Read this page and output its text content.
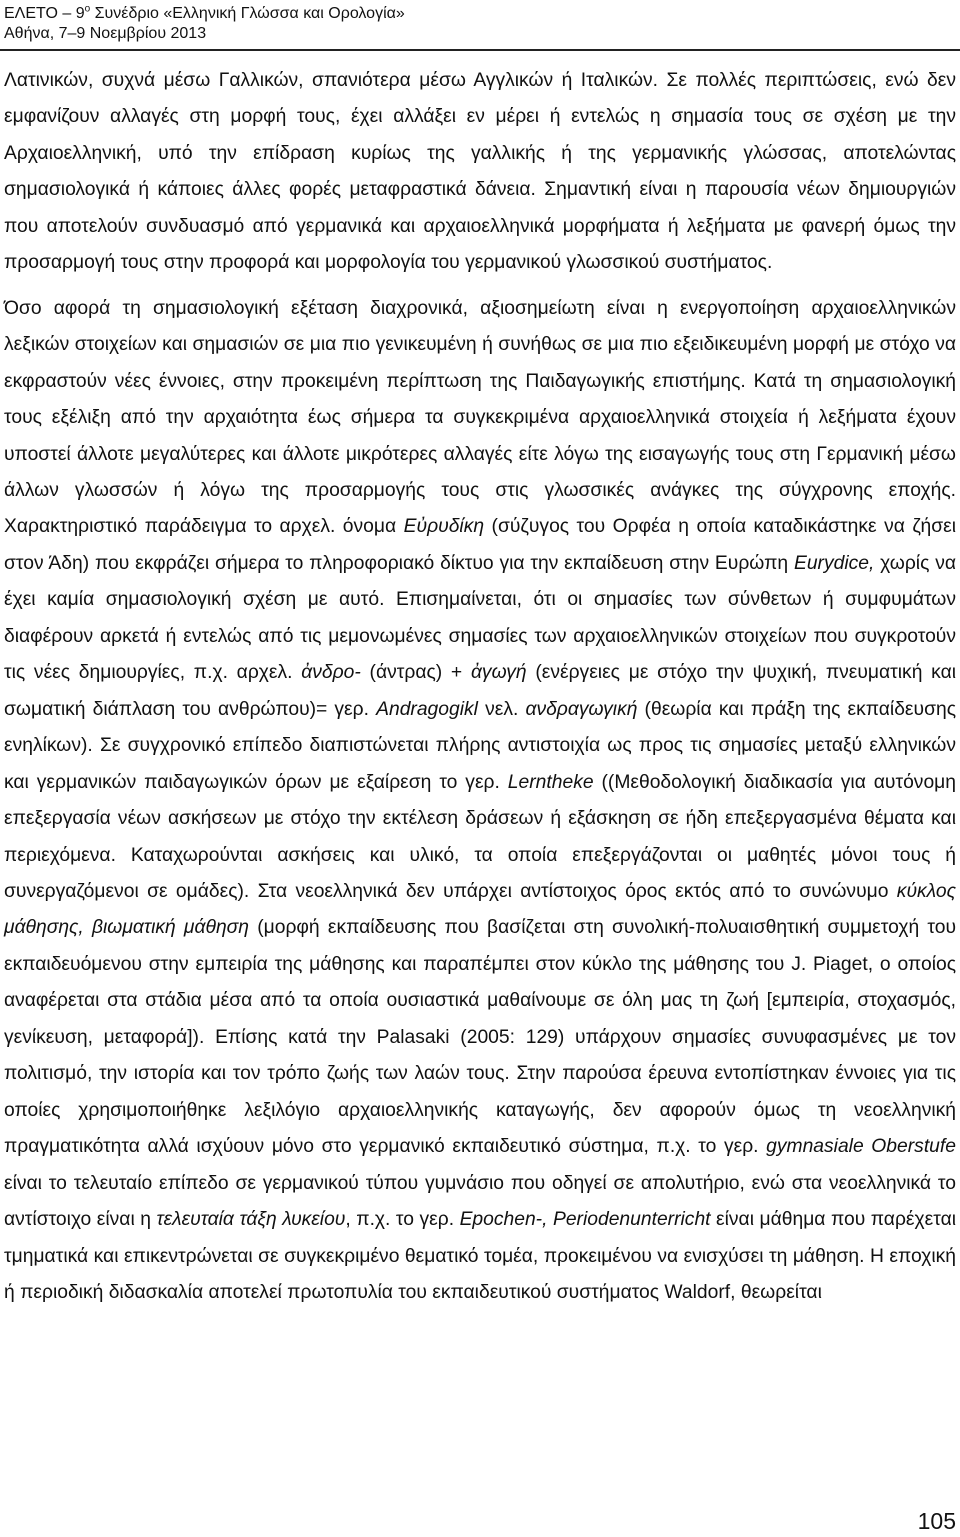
ΕΛΕΤΟ – $9^o$ Συνέδριο «Ελληνική Γλώσσα και Ορολογία»
Αθήνα, 7–9 Νοεμβρίου 2013

Λατινικών, συχνά μέσω Γαλλικών, σπανιότερα μέσω Αγγλικών ή Ιταλικών. Σε πολλές περιπτώσεις, ενώ δεν εμφανίζουν αλλαγές στη μορφή τους, έχει αλλάξει εν μέρει ή εντελώς η σημασία τους σε σχέση με την Αρχαιοελληνική, υπό την επίδραση κυρίως της γαλλικής ή της γερμανικής γλώσσας, αποτελώντας σημασιολογικά ή κάποιες άλλες φορές μεταφραστικά δάνεια. Σημαντική είναι η παρουσία νέων δημιουργιών που αποτελούν συνδυασμό από γερμανικά και αρχαιοελληνικά μορφήματα ή λεξήματα με φανερή όμως την προσαρμογή τους στην προφορά και μορφολογία του γερμανικού γλωσσικού συστήματος.

Όσο αφορά τη σημασιολογική εξέταση διαχρονικά, αξιοσημείωτη είναι η ενεργοποίηση αρχαιοελληνικών λεξικών στοιχείων και σημασιών σε μια πιο γενικευμένη ή συνήθως σε μια πιο εξειδικευμένη μορφή με στόχο να εκφραστούν νέες έννοιες, στην προκειμένη περίπτωση της Παιδαγωγικής επιστήμης. Κατά τη σημασιολογική τους εξέλιξη από την αρχαιότητα έως σήμερα τα συγκεκριμένα αρχαιοελληνικά στοιχεία ή λεξήματα έχουν υποστεί άλλοτε μεγαλύτερες και άλλοτε μικρότερες αλλαγές είτε λόγω της εισαγωγής τους στη Γερμανική μέσω άλλων γλωσσών ή λόγω της προσαρμογής τους στις γλωσσικές ανάγκες της σύγχρονης εποχής. Χαρακτηριστικό παράδειγμα το αρχελ. όνομα Εὐρυδίκη (σύζυγος του Ορφέα η οποία καταδικάστηκε να ζήσει στον Άδη) που εκφράζει σήμερα το πληροφοριακό δίκτυο για την εκπαίδευση στην Ευρώπη Eurydice, χωρίς να έχει καμία σημασιολογική σχέση με αυτό. Επισημαίνεται, ότι οι σημασίες των σύνθετων ή συμφυμάτων διαφέρουν αρκετά ή εντελώς από τις μεμονωμένες σημασίες των αρχαιοελληνικών στοιχείων που συγκροτούν τις νέες δημιουργίες, π.χ. αρχελ. ἀνδρο- (άντρας) + ἀγωγή (ενέργειες με στόχο την ψυχική, πνευματική και σωματική διάπλαση του ανθρώπου)= γερ. Andragogikl νελ. ανδραγωγική (θεωρία και πράξη της εκπαίδευσης ενηλίκων). Σε συγχρονικό επίπεδο διαπιστώνεται πλήρης αντιστοιχία ως προς τις σημασίες μεταξύ ελληνικών και γερμανικών παιδαγωγικών όρων με εξαίρεση το γερ. Lerntheke ((Μεθοδολογική διαδικασία για αυτόνομη επεξεργασία νέων ασκήσεων με στόχο την εκτέλεση δράσεων ή εξάσκηση σε ήδη επεξεργασμένα θέματα και περιεχόμενα. Καταχωρούνται ασκήσεις και υλικό, τα οποία επεξεργάζονται οι μαθητές μόνοι τους ή συνεργαζόμενοι σε ομάδες). Στα νεοελληνικά δεν υπάρχει αντίστοιχος όρος εκτός από το συνώνυμο κύκλος μάθησης, βιωματική μάθηση (μορφή εκπαίδευσης που βασίζεται στη συνολική-πολυαισθητική συμμετοχή του εκπαιδευόμενου στην εμπειρία της μάθησης και παραπέμπει στον κύκλο της μάθησης του J. Piaget, ο οποίος αναφέρεται στα στάδια μέσα από τα οποία ουσιαστικά μαθαίνουμε σε όλη μας τη ζωή [εμπειρία, στοχασμός, γενίκευση, μεταφορά]). Επίσης κατά την Palasaki (2005: 129) υπάρχουν σημασίες συνυφασμένες με τον πολιτισμό, την ιστορία και τον τρόπο ζωής των λαών τους. Στην παρούσα έρευνα εντοπίστηκαν έννοιες για τις οποίες χρησιμοποιήθηκε λεξιλόγιο αρχαιοελληνικής καταγωγής, δεν αφορούν όμως τη νεοελληνική πραγματικότητα αλλά ισχύουν μόνο στο γερμανικό εκπαιδευτικό σύστημα, π.χ. το γερ. gymnasiale Oberstufe είναι το τελευταίο επίπεδο σε γερμανικού τύπου γυμνάσιο που οδηγεί σε απολυτήριο, ενώ στα νεοελληνικά το αντίστοιχο είναι η τελευταία τάξη λυκείου, π.χ. το γερ. Epochen-, Periodenunterricht είναι μάθημα που παρέχεται τμηματικά και επικεντρώνεται σε συγκεκριμένο θεματικό τομέα, προκειμένου να ενισχύσει τη μάθηση. Η εποχική ή περιοδική διδασκαλία αποτελεί πρωτοπυλία του εκπαιδευτικού συστήματος Waldorf, θεωρείται

105
